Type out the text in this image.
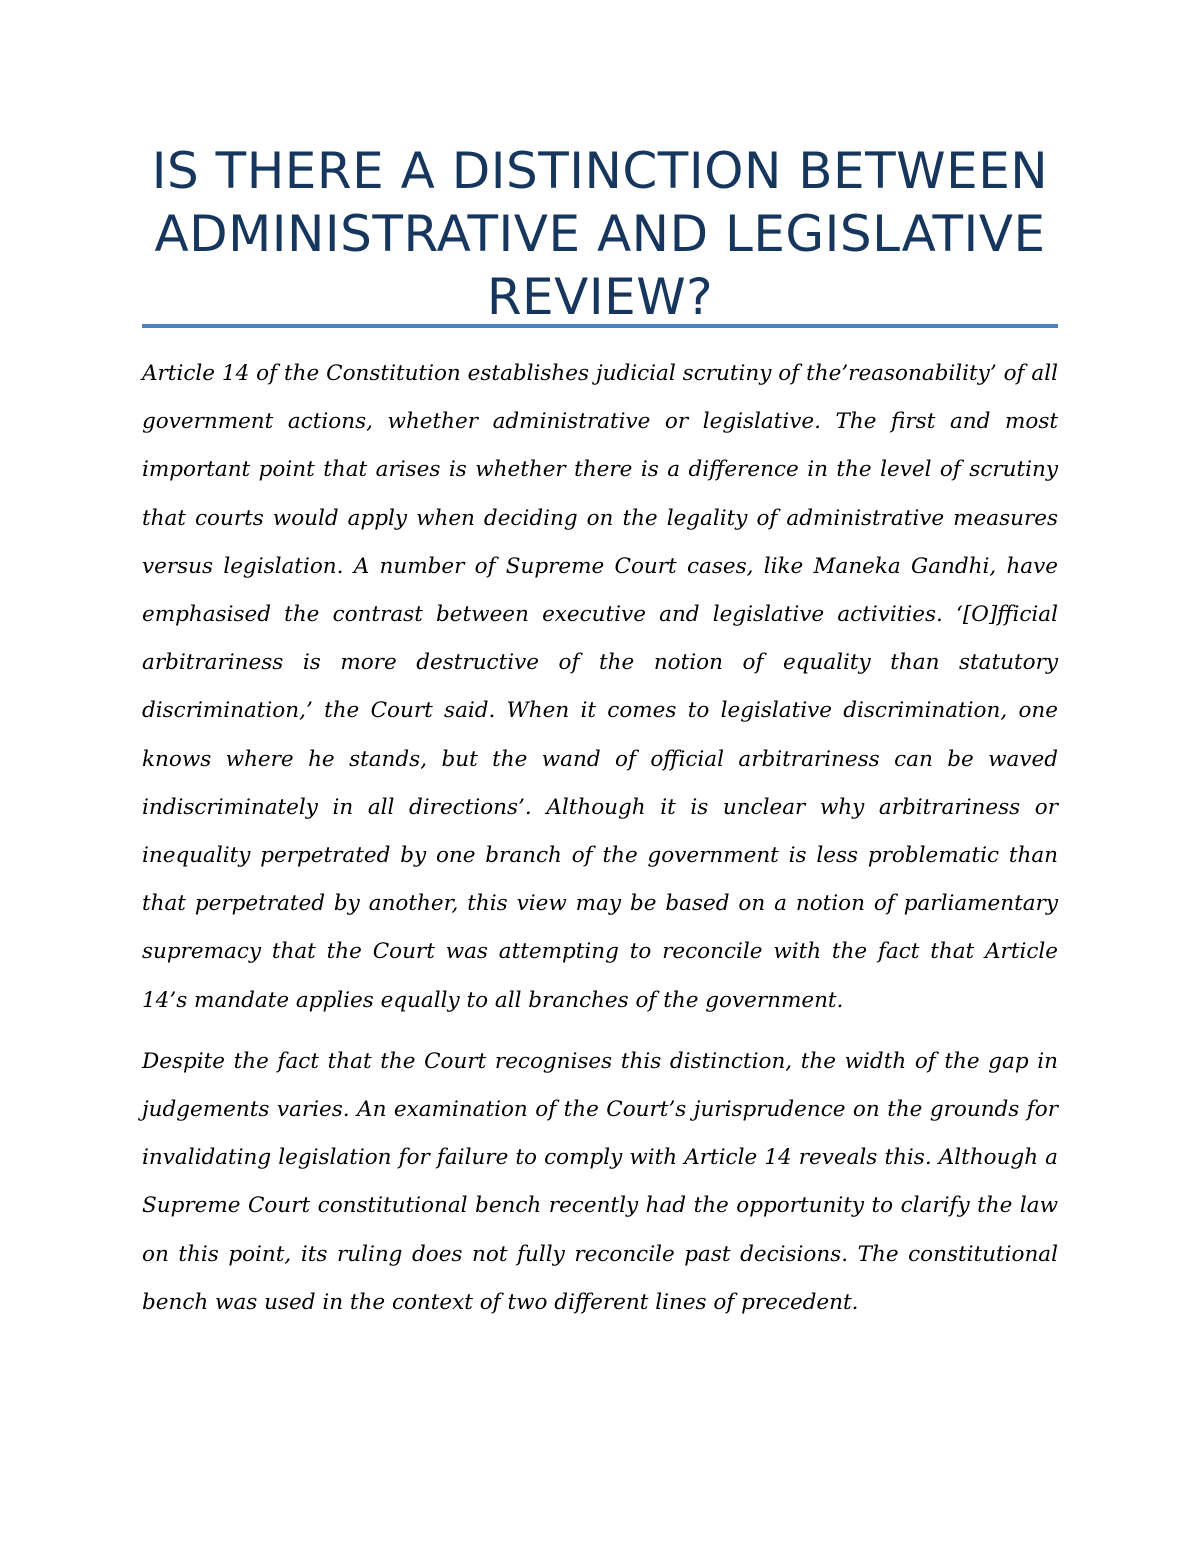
IS THERE A DISTINCTION BETWEEN ADMINISTRATIVE AND LEGISLATIVE REVIEW?

Article 14 of the Constitution establishes judicial scrutiny of the’reasonability’ of all government actions, whether administrative or legislative. The first and most important point that arises is whether there is a difference in the level of scrutiny that courts would apply when deciding on the legality of administrative measures versus legislation. A number of Supreme Court cases, like Maneka Gandhi, have emphasised the contrast between executive and legislative activities. ‘[O]fficial arbitrariness is more destructive of the notion of equality than statutory discrimination,’ the Court said. When it comes to legislative discrimination, one knows where he stands, but the wand of official arbitrariness can be waved indiscriminately in all directions’. Although it is unclear why arbitrariness or inequality perpetrated by one branch of the government is less problematic than that perpetrated by another, this view may be based on a notion of parliamentary supremacy that the Court was attempting to reconcile with the fact that Article 14’s mandate applies equally to all branches of the government.

Despite the fact that the Court recognises this distinction, the width of the gap in judgements varies. An examination of the Court’s jurisprudence on the grounds for invalidating legislation for failure to comply with Article 14 reveals this. Although a Supreme Court constitutional bench recently had the opportunity to clarify the law on this point, its ruling does not fully reconcile past decisions. The constitutional bench was used in the context of two different lines of precedent.
